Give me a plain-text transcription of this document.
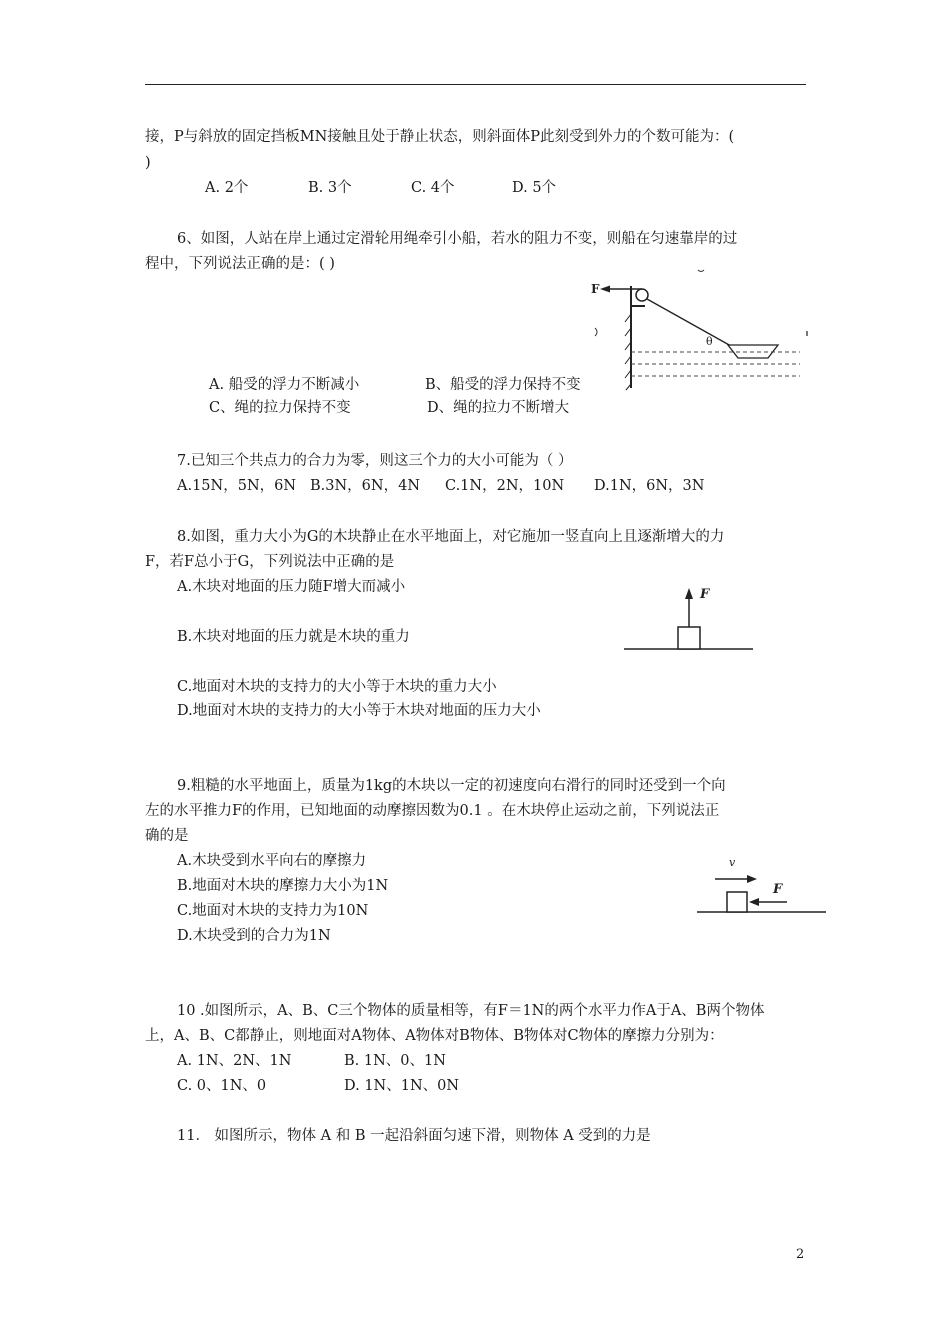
接，P与斜放的固定挡板MN接触且处于静止状态，则斜面体P此刻受到外力的个数可能为：(
)
A. 2个	B. 3个	C. 4个	D. 5个
6、如图，人站在岸上通过定滑轮用绳牵引小船，若水的阻力不变，则船在匀速靠岸的过
程中，下列说法正确的是：( )
A. 船受的浮力不断减小	B、船受的浮力保持不变
C、绳的拉力保持不变	D、绳的拉力不断增大
F
θ
7.已知三个共点力的合力为零，则这三个力的大小可能为（ ）
A.15N，5N，6N B.3N，6N，4N C.1N，2N，10N D.1N，6N，3N
8.如图，重力大小为G的木块静止在水平地面上，对它施加一竖直向上且逐渐增大的力
F，若F总小于G，下列说法中正确的是
A.木块对地面的压力随F增大而减小
B.木块对地面的压力就是木块的重力
C.地面对木块的支持力的大小等于木块的重力大小
D.地面对木块的支持力的大小等于木块对地面的压力大小
F
9.粗糙的水平地面上，质量为1kg的木块以一定的初速度向右滑行的同时还受到一个向
左的水平推力F的作用，已知地面的动摩擦因数为0.1 。在木块停止运动之前，下列说法正
确的是
A.木块受到水平向右的摩擦力
B.地面对木块的摩擦力大小为1N
C.地面对木块的支持力为10N
D.木块受到的合力为1N
v
F
10 .如图所示，A、B、C三个物体的质量相等，有F＝1N的两个水平力作A于A、B两个物体
上，A、B、C都静止，则地面对A物体、A物体对B物体、B物体对C物体的摩擦力分别为：
A. 1N、2N、1N	B. 1N、0、1N
C. 0、1N、0	D. 1N、1N、0N
11． 如图所示，物体 A 和 B 一起沿斜面匀速下滑，则物体 A 受到的力是
2
